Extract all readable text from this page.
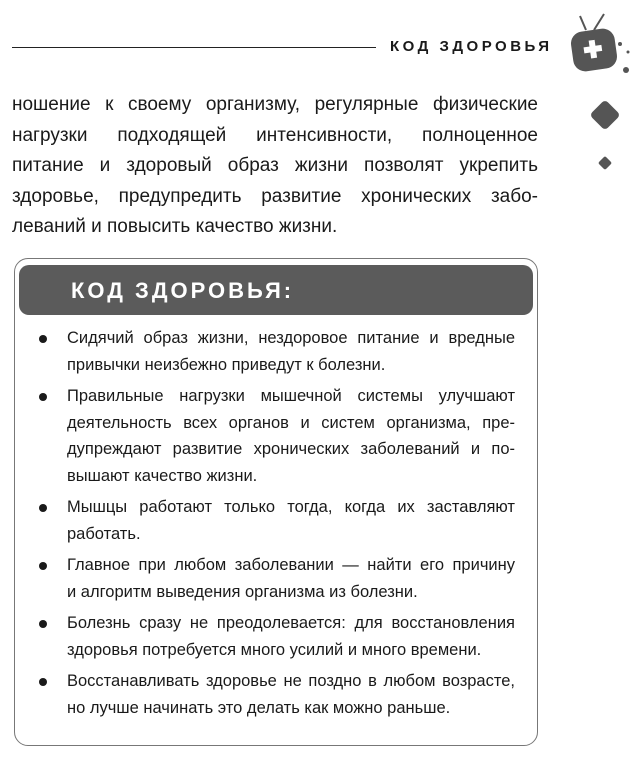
КОД ЗДОРОВЬЯ
ношение к своему организму, регулярные физические
нагрузки подходящей интенсивности, полноценное
питание и здоровый образ жизни позволят укрепить
здоровье, предупредить развитие хронических забо-
леваний и повысить качество жизни.
КОД ЗДОРОВЬЯ:
Сидячий образ жизни, нездоровое питание и вредные
привычки неизбежно приведут к болезни.
Правильные нагрузки мышечной системы улучшают
деятельность всех органов и систем организма, пре-
дупреждают развитие хронических заболеваний и по-
вышают качество жизни.
Мышцы работают только тогда, когда их заставляют
работать.
Главное при любом заболевании — найти его причину
и алгоритм выведения организма из болезни.
Болезнь сразу не преодолевается: для восстановления
здоровья потребуется много усилий и много времени.
Восстанавливать здоровье не поздно в любом возрасте,
но лучше начинать это делать как можно раньше.
